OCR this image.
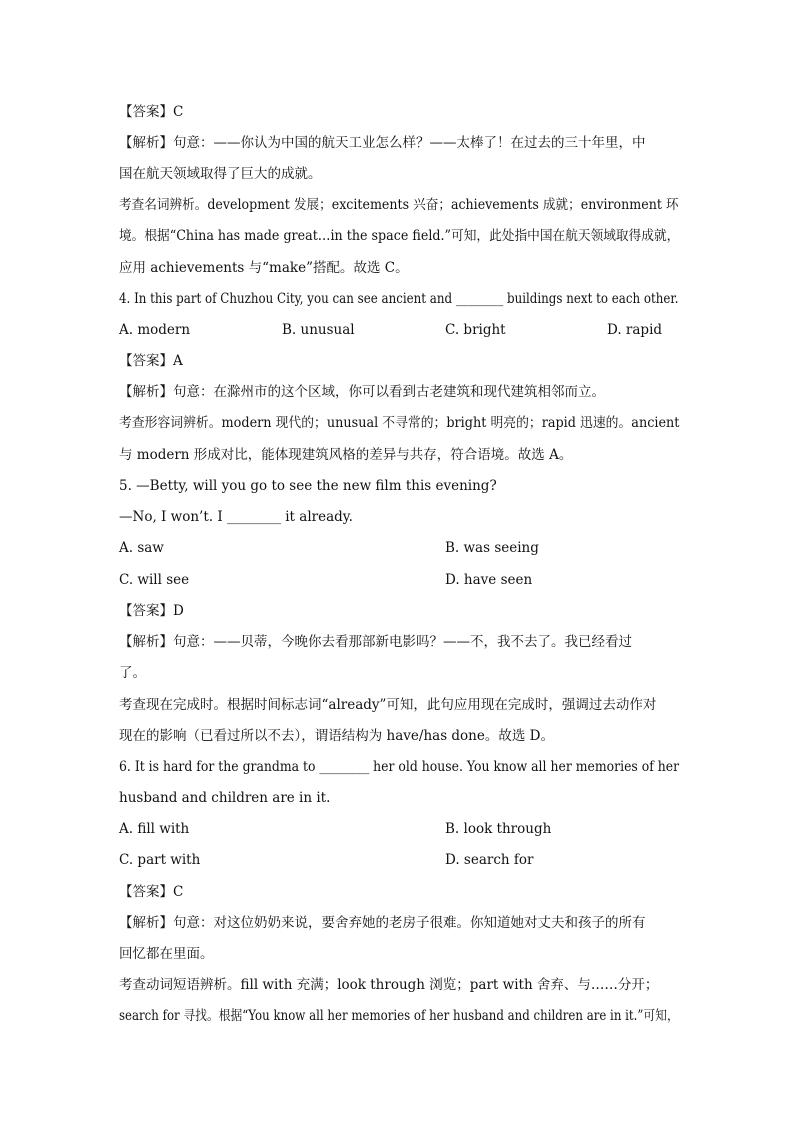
【答案】C
【解析】句意：——你认为中国的航天工业怎么样？——太棒了！在过去的三十年里，中
国在航天领域取得了巨大的成就。
考查名词辨析。development 发展；excitements 兴奋；achievements 成就；environment 环
境。根据“China has made great…in the space field.”可知，此处指中国在航天领域取得成就，
应用 achievements 与“make”搭配。故选 C。
4. In this part of Chuzhou City, you can see ancient and ________ buildings next to each other.
A. modern	B. unusual	C. bright	D. rapid
【答案】A
【解析】句意：在滁州市的这个区域，你可以看到古老建筑和现代建筑相邻而立。
考查形容词辨析。modern 现代的；unusual 不寻常的；bright 明亮的；rapid 迅速的。ancient
与 modern 形成对比，能体现建筑风格的差异与共存，符合语境。故选 A。
5. —Betty, will you go to see the new film this evening?
—No, I won’t. I ________ it already.
A. saw	B. was seeing
C. will see	D. have seen
【答案】D
【解析】句意：——贝蒂，今晚你去看那部新电影吗？——不，我不去了。我已经看过
了。
考查现在完成时。根据时间标志词“already”可知，此句应用现在完成时，强调过去动作对
现在的影响（已看过所以不去），谓语结构为 have/has done。故选 D。
6. It is hard for the grandma to ________ her old house. You know all her memories of her
husband and children are in it.
A. fill with	B. look through
C. part with	D. search for
【答案】C
【解析】句意：对这位奶奶来说，要舍弃她的老房子很难。你知道她对丈夫和孩子的所有
回忆都在里面。
考查动词短语辨析。fill with 充满；look through 浏览；part with 舍弃、与……分开；
search for 寻找。根据“You know all her memories of her husband and children are in it.”可知，
